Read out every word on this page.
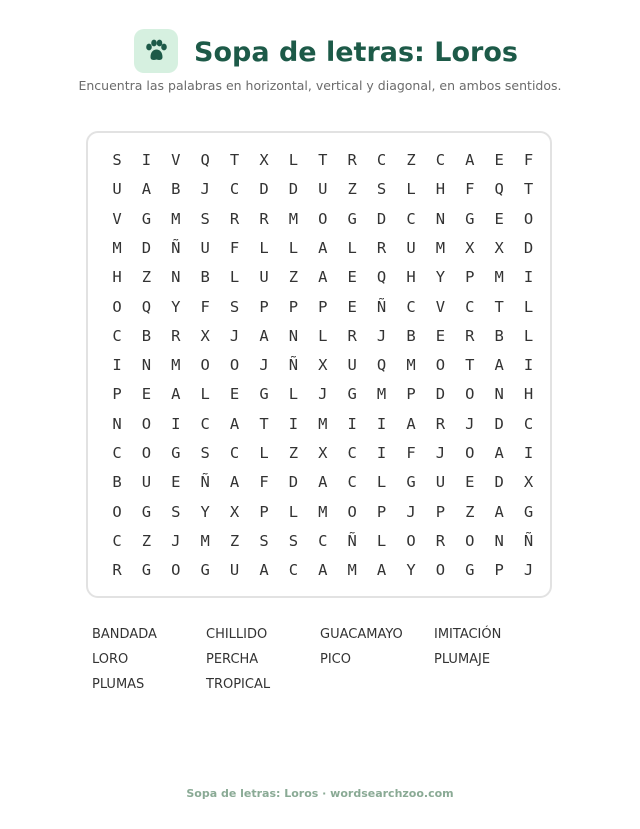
Sopa de letras: Loros
Encuentra las palabras en horizontal, vertical y diagonal, en ambos sentidos.
S	I	V	Q	T	X	L	T	R	C	Z	C	A	E	F
U	A	B	J	C	D	D	U	Z	S	L	H	F	Q	T
V	G	M	S	R	R	M	O	G	D	C	N	G	E	O
M	D	Ñ	U	F	L	L	A	L	R	U	M	X	X	D
H	Z	N	B	L	U	Z	A	E	Q	H	Y	P	M	I
O	Q	Y	F	S	P	P	P	E	Ñ	C	V	C	T	L
C	B	R	X	J	A	N	L	R	J	B	E	R	B	L
I	N	M	O	O	J	Ñ	X	U	Q	M	O	T	A	I
P	E	A	L	E	G	L	J	G	M	P	D	O	N	H
N	O	I	C	A	T	I	M	I	I	A	R	J	D	C
C	O	G	S	C	L	Z	X	C	I	F	J	O	A	I
B	U	E	Ñ	A	F	D	A	C	L	G	U	E	D	X
O	G	S	Y	X	P	L	M	O	P	J	P	Z	A	G
C	Z	J	M	Z	S	S	C	Ñ	L	O	R	O	N	Ñ
R	G	O	G	U	A	C	A	M	A	Y	O	G	P	J
BANDADA	CHILLIDO	GUACAMAYO IMITACIÓN
LORO	PERCHA	PICO	PLUMAJE
PLUMAS	TROPICAL
Sopa de letras: Loros · wordsearchzoo.com
